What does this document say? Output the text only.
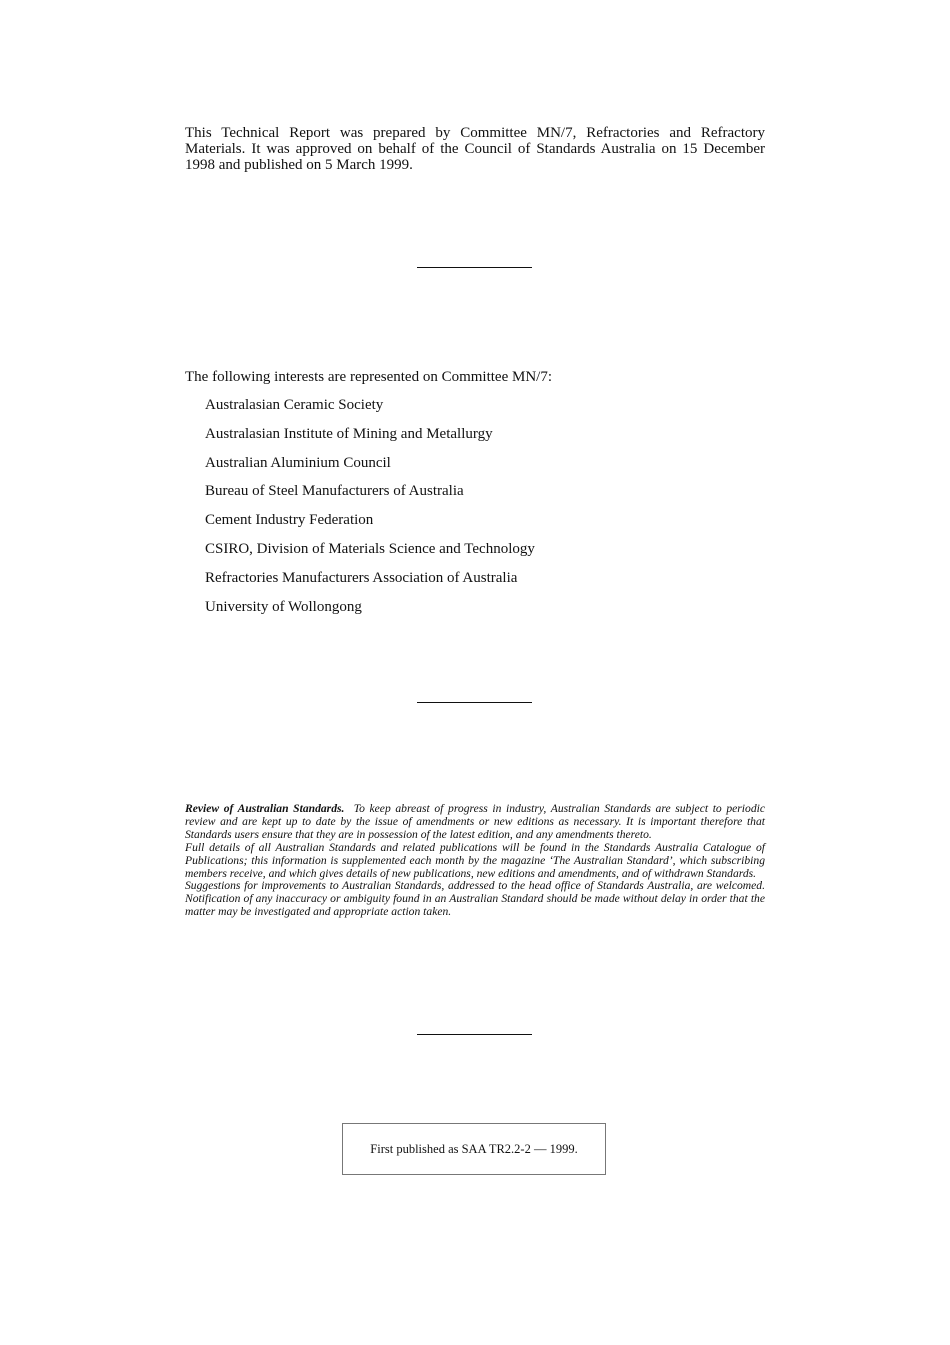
This Technical Report was prepared by Committee MN/7, Refractories and Refractory Materials. It was approved on behalf of the Council of Standards Australia on 15 December 1998 and published on 5 March 1999.
The following interests are represented on Committee MN/7:
Australasian Ceramic Society
Australasian Institute of Mining and Metallurgy
Australian Aluminium Council
Bureau of Steel Manufacturers of Australia
Cement Industry Federation
CSIRO, Division of Materials Science and Technology
Refractories Manufacturers Association of Australia
University of Wollongong

Review of Australian Standards. To keep abreast of progress in industry, Australian Standards are subject to periodic review and are kept up to date by the issue of amendments or new editions as necessary. It is important therefore that Standards users ensure that they are in possession of the latest edition, and any amendments thereto.

Full details of all Australian Standards and related publications will be found in the Standards Australia Catalogue of Publications; this information is supplemented each month by the magazine ‘The Australian Standard’, which subscribing members receive, and which gives details of new publications, new editions and amendments, and of withdrawn Standards.

Suggestions for improvements to Australian Standards, addressed to the head office of Standards Australia, are welcomed. Notification of any inaccuracy or ambiguity found in an Australian Standard should be made without delay in order that the matter may be investigated and appropriate action taken.

First published as SAA TR2.2-2 — 1999.
